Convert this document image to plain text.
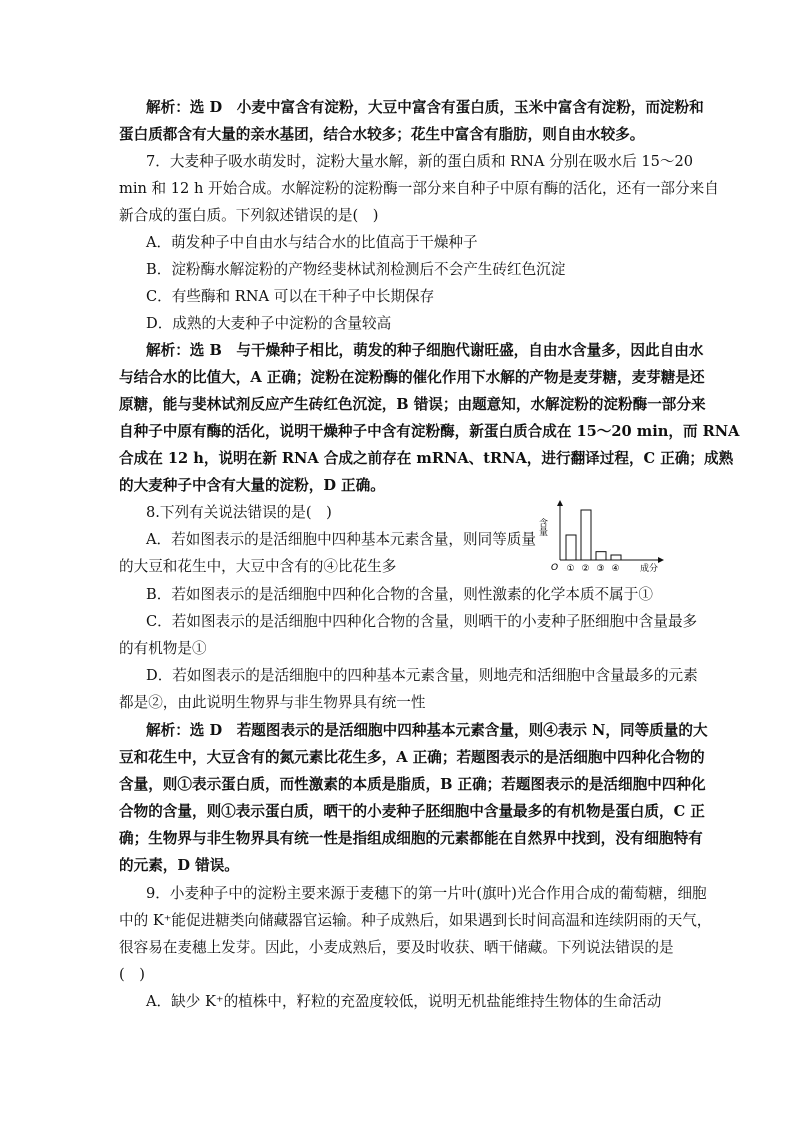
解析：选 D　小麦中富含有淀粉，大豆中富含有蛋白质，玉米中富含有淀粉，而淀粉和
蛋白质都含有大量的亲水基团，结合水较多；花生中富含有脂肪，则自由水较多。
7．大麦种子吸水萌发时，淀粉大量水解，新的蛋白质和 RNA 分别在吸水后 15～20
min 和 12 h 开始合成。水解淀粉的淀粉酶一部分来自种子中原有酶的活化，还有一部分来自
新合成的蛋白质。下列叙述错误的是(　)
A．萌发种子中自由水与结合水的比值高于干燥种子
B．淀粉酶水解淀粉的产物经斐林试剂检测后不会产生砖红色沉淀
C．有些酶和 RNA 可以在干种子中长期保存
D．成熟的大麦种子中淀粉的含量较高
解析：选 B　与干燥种子相比，萌发的种子细胞代谢旺盛，自由水含量多，因此自由水
与结合水的比值大，A 正确；淀粉在淀粉酶的催化作用下水解的产物是麦芽糖，麦芽糖是还
原糖，能与斐林试剂反应产生砖红色沉淀，B 错误；由题意知，水解淀粉的淀粉酶一部分来
自种子中原有酶的活化，说明干燥种子中含有淀粉酶，新蛋白质合成在 15～20 min，而 RNA
合成在 12 h，说明在新 RNA 合成之前存在 mRNA、tRNA，进行翻译过程，C 正确；成熟
的大麦种子中含有大量的淀粉，D 正确。
8.下列有关说法错误的是(　)
A．若如图表示的是活细胞中四种基本元素含量，则同等质量
的大豆和花生中，大豆中含有的④比花生多
B．若如图表示的是活细胞中四种化合物的含量，则性激素的化学本质不属于①
C．若如图表示的是活细胞中四种化合物的含量，则晒干的小麦种子胚细胞中含量最多
的有机物是①
D．若如图表示的是活细胞中的四种基本元素含量，则地壳和活细胞中含量最多的元素
都是②，由此说明生物界与非生物界具有统一性
解析：选 D　若题图表示的是活细胞中四种基本元素含量，则④表示 N，同等质量的大
豆和花生中，大豆含有的氮元素比花生多，A 正确；若题图表示的是活细胞中四种化合物的
含量，则①表示蛋白质，而性激素的本质是脂质，B 正确；若题图表示的是活细胞中四种化
合物的含量，则①表示蛋白质，晒干的小麦种子胚细胞中含量最多的有机物是蛋白质，C 正
确；生物界与非生物界具有统一性是指组成细胞的元素都能在自然界中找到，没有细胞特有
的元素，D 错误。
9．小麦种子中的淀粉主要来源于麦穗下的第一片叶(旗叶)光合作用合成的葡萄糖，细胞
中的 K⁺能促进糖类向储藏器官运输。种子成熟后，如果遇到长时间高温和连续阴雨的天气，
很容易在麦穗上发芽。因此，小麦成熟后，要及时收获、晒干储藏。下列说法错误的是
(　)
A．缺少 K⁺的植株中，籽粒的充盈度较低，说明无机盐能维持生物体的生命活动
O
含量
成分
① ② ③ ④
